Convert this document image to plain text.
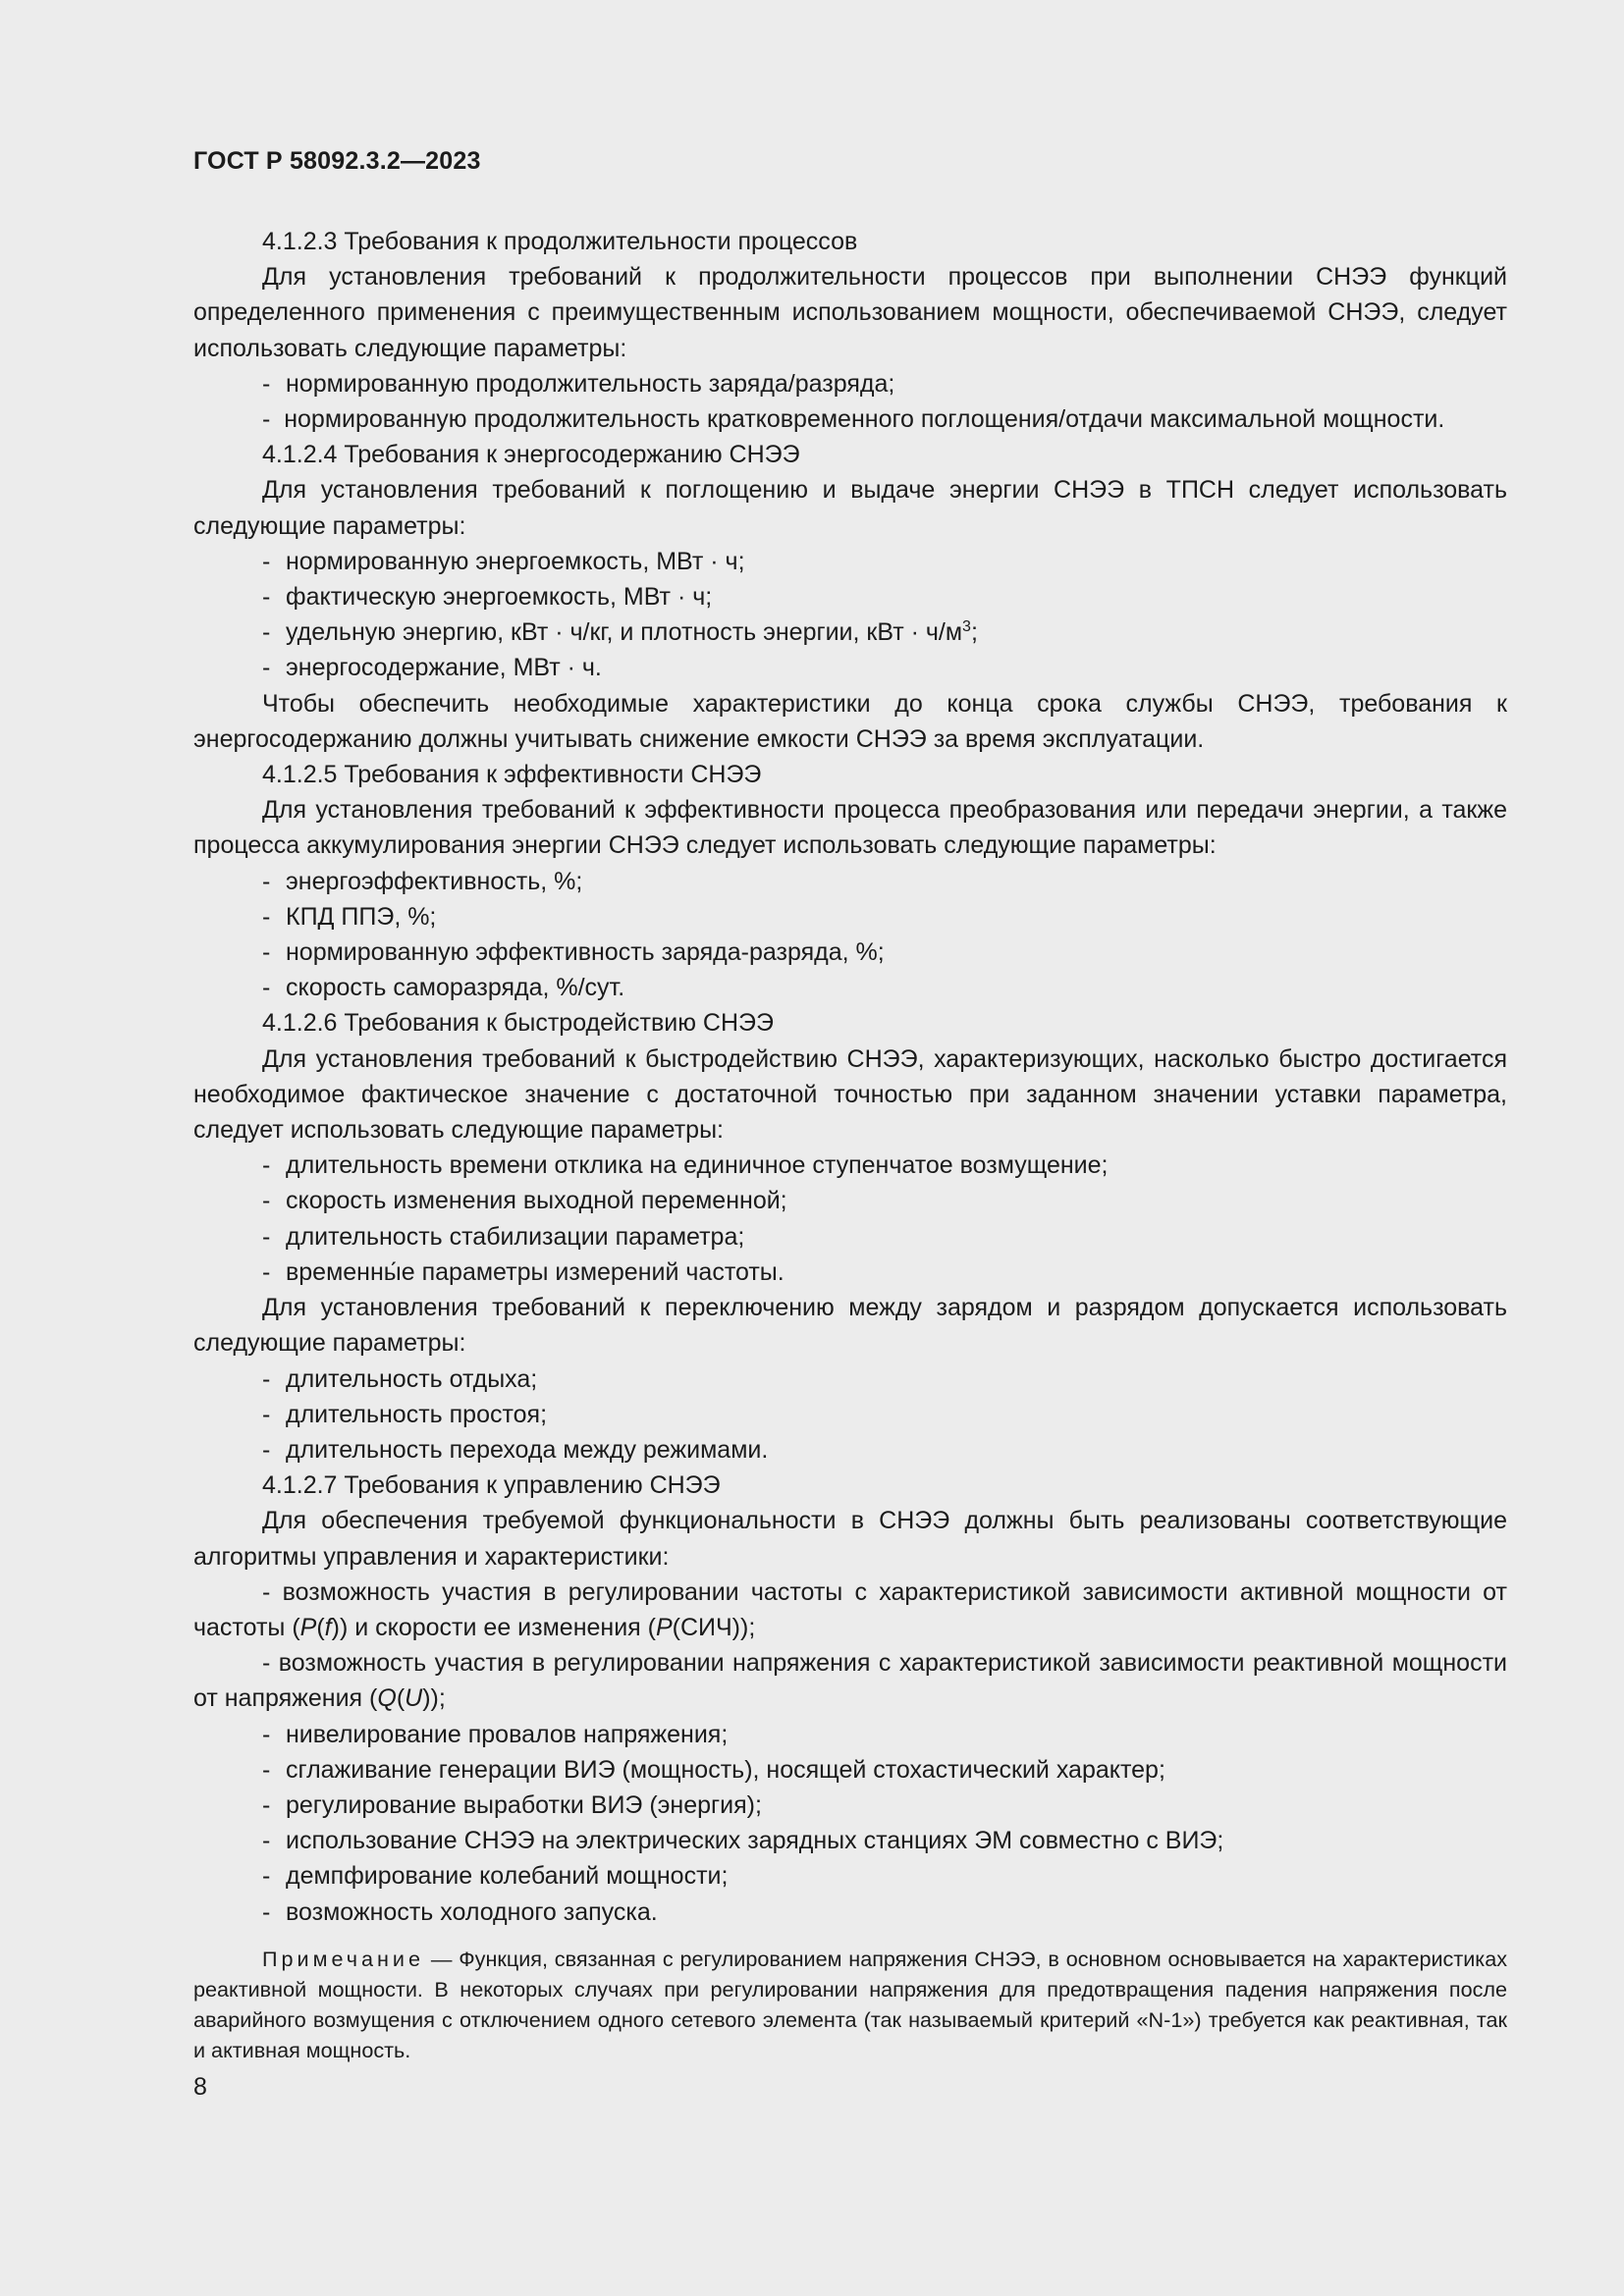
ГОСТ Р 58092.3.2—2023

4.1.2.3 Требования к продолжительности процессов

Для установления требований к продолжительности процессов при выполнении СНЭЭ функций определенного применения с преимущественным использованием мощности, обеспечиваемой СНЭЭ, следует использовать следующие параметры:

- нормированную продолжительность заряда/разряда;

-  нормированную продолжительность кратковременного поглощения/отдачи максимальной мощности.

4.1.2.4 Требования к энергосодержанию СНЭЭ

Для установления требований к поглощению и выдаче энергии СНЭЭ в ТПСН следует использовать следующие параметры:

- нормированную энергоемкость, МВт · ч;

- фактическую энергоемкость, МВт · ч;

- удельную энергию, кВт · ч/кг, и плотность энергии, кВт · $ч/м^3$;

- энергосодержание, МВт · ч.

Чтобы обеспечить необходимые характеристики до конца срока службы СНЭЭ, требования к энергосодержанию должны учитывать снижение емкости СНЭЭ за время эксплуатации.

4.1.2.5 Требования к эффективности СНЭЭ

Для установления требований к эффективности процесса преобразования или передачи энергии, а также процесса аккумулирования энергии СНЭЭ следует использовать следующие параметры:

- энергоэффективность, %;

- КПД ППЭ, %;

- нормированную эффективность заряда-разряда, %;

- скорость саморазряда, %/сут.

4.1.2.6 Требования к быстродействию СНЭЭ

Для установления требований к быстродействию СНЭЭ, характеризующих, насколько быстро достигается необходимое фактическое значение с достаточной точностью при заданном значении уставки параметра, следует использовать следующие параметры:

- длительность времени отклика на единичное ступенчатое возмущение;

- скорость изменения выходной переменной;

- длительность стабилизации параметра;

- временны́е параметры измерений частоты.

Для установления требований к переключению между зарядом и разрядом допускается использовать следующие параметры:

- длительность отдыха;

- длительность простоя;

- длительность перехода между режимами.

4.1.2.7 Требования к управлению СНЭЭ

Для обеспечения требуемой функциональности в СНЭЭ должны быть реализованы соответствующие алгоритмы управления и характеристики:

- возможность участия в регулировании частоты с характеристикой зависимости активной мощности от частоты (P(f)) и скорости ее изменения (P(СИЧ));

- возможность участия в регулировании напряжения с характеристикой зависимости реактивной мощности от напряжения (Q(U));

- нивелирование провалов напряжения;

- сглаживание генерации ВИЭ (мощность), носящей стохастический характер;

- регулирование выработки ВИЭ (энергия);

- использование СНЭЭ на электрических зарядных станциях ЭМ совместно с ВИЭ;

- демпфирование колебаний мощности;

- возможность холодного запуска.

Примечание — Функция, связанная с регулированием напряжения СНЭЭ, в основном основывается на характеристиках реактивной мощности. В некоторых случаях при регулировании напряжения для предотвращения падения напряжения после аварийного возмущения с отключением одного сетевого элемента (так называемый критерий «N-1») требуется как реактивная, так и активная мощность.
8
